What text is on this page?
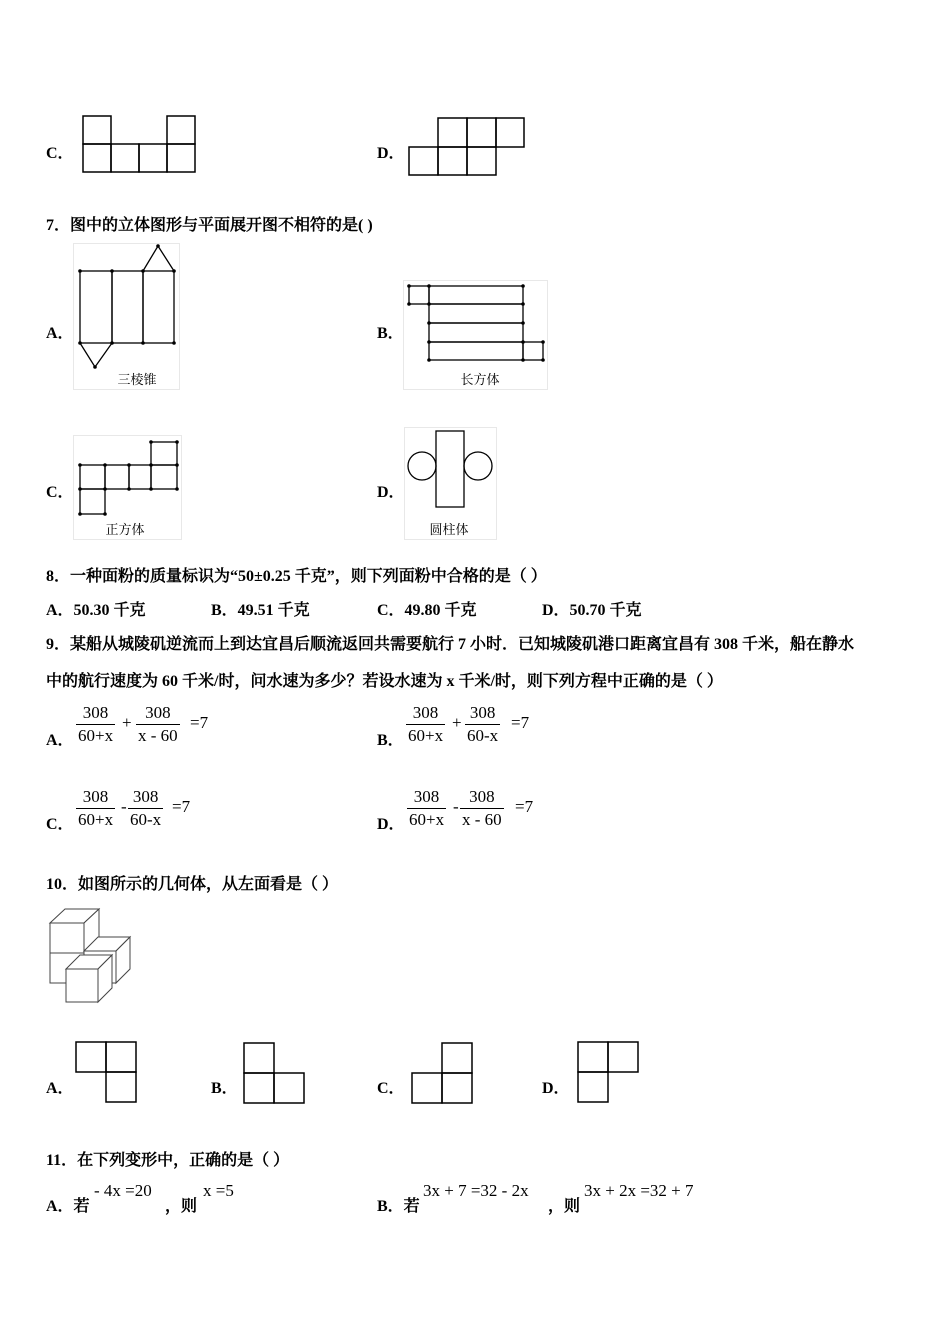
C．	D．
7．图中的立体图形与平面展开图不相符的是( )
A．
三棱锥
B．
长方体
C．
正方体
D．
圆柱体
8．一种面粉的质量标识为“50±0.25 千克”，则下列面粉中合格的是（ ）
A．50.30 千克	B．49.51 千克	C．49.80 千克	D．50.70 千克
9．某船从城陵矶逆流而上到达宜昌后顺流返回共需要航行 7 小时．已知城陵矶港口距离宜昌有 308 千米，船在静水
中的航行速度为 60 千米/时，问水速为多少？若设水速为 x 千米/时，则下列方程中正确的是（ ）
A． $\frac{308}{60+x} + \frac{308}{x - 60} =7$
B． $\frac{308}{60+x} + \frac{308}{60-x} =7$
C． $\frac{308}{60+x} - \frac{308}{60-x} =7$
D． $\frac{308}{60+x} - \frac{308}{x - 60} =7$
10．如图所示的几何体，从左面看是（ ）
A．	B．	C．	D．
11．在下列变形中，正确的是（ ）
A．若
- 4x =20
，则
x =5
B．若
3x + 7 =32 - 2x
，则
3x + 2x =32 + 7
